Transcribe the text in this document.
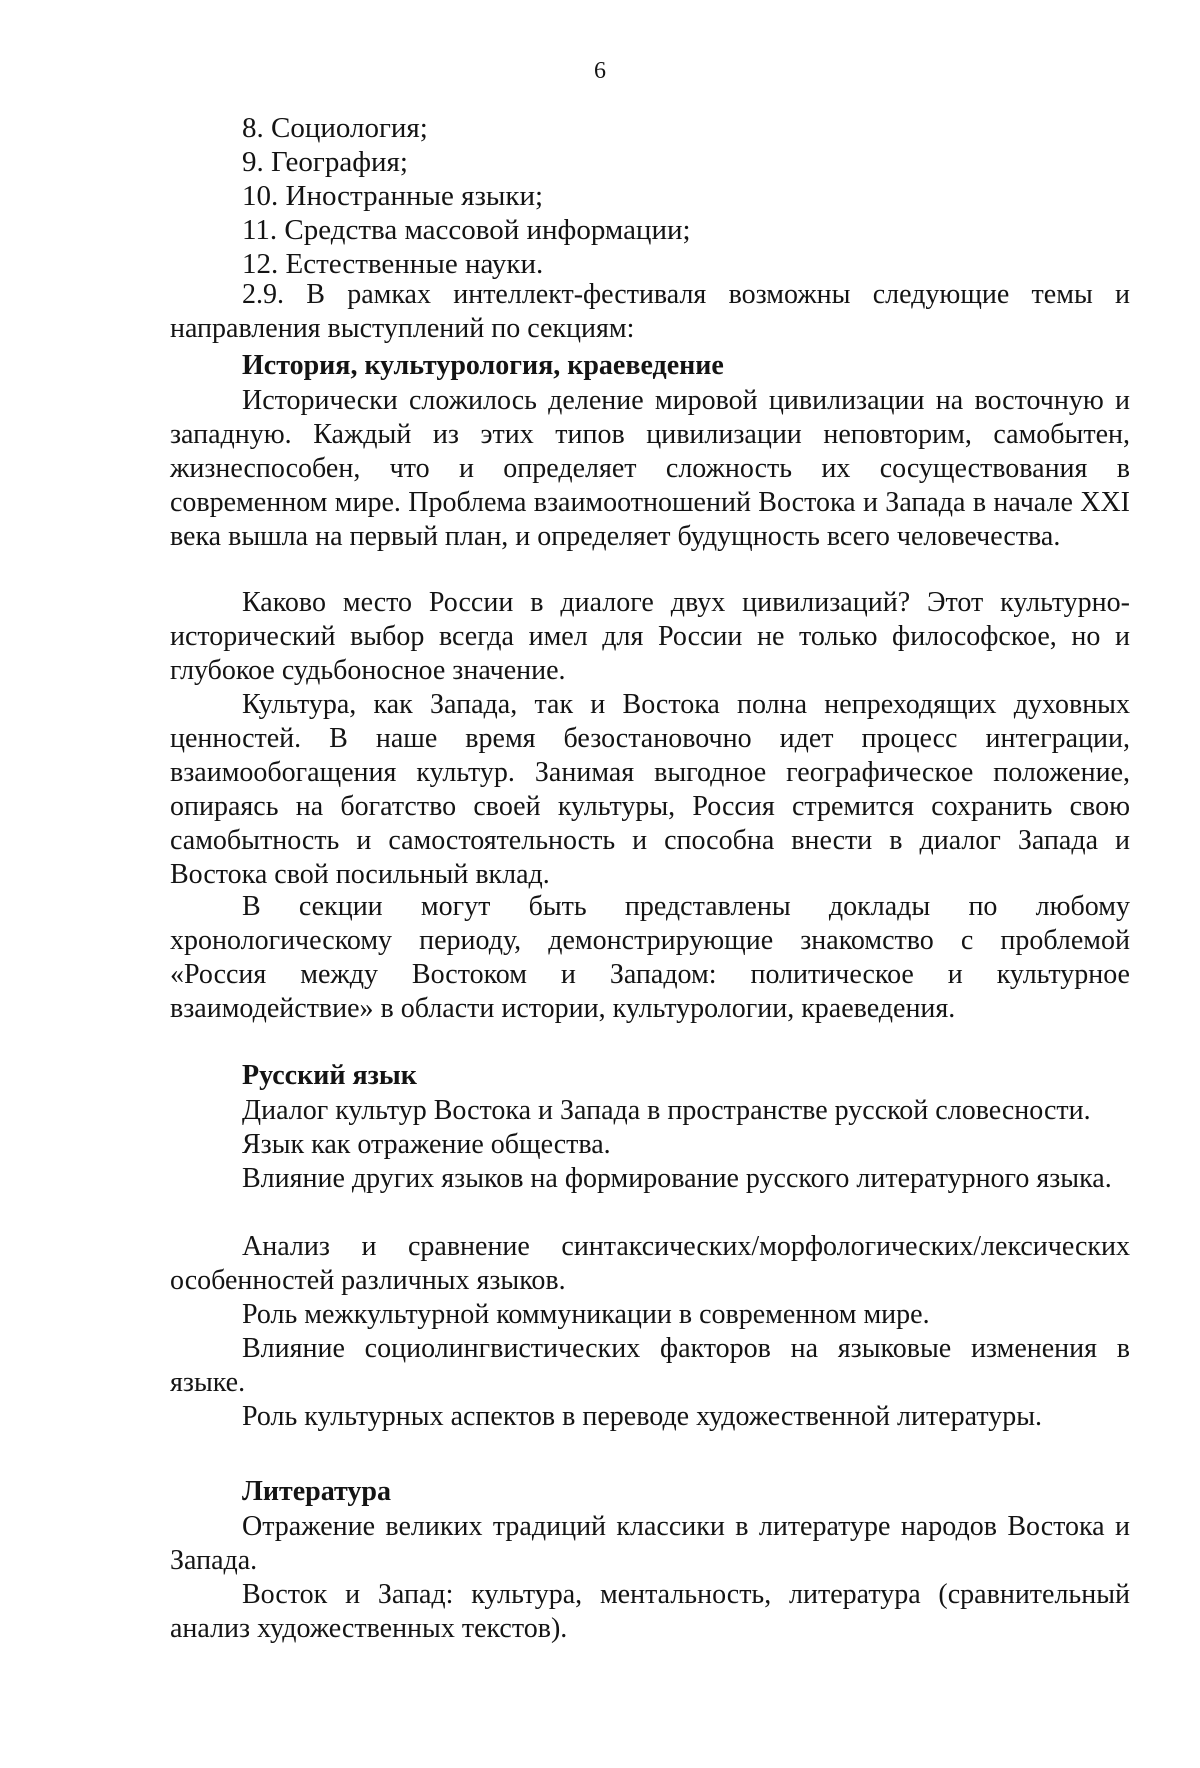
6
8. Социология;
9. География;
10. Иностранные языки;
11. Средства массовой информации;
12. Естественные науки.

2.9. В рамках интеллект-фестиваля возможны следующие темы и направления выступлений по секциям:

История, культурология, краеведение

Исторически сложилось деление мировой цивилизации на восточную и западную. Каждый из этих типов цивилизации неповторим, самобытен, жизнеспособен, что и определяет сложность их сосуществования в современном мире. Проблема взаимоотношений Востока и Запада в начале XXI века вышла на первый план, и определяет будущность всего человечества.

Каково место России в диалоге двух цивилизаций? Этот культурно-исторический выбор всегда имел для России не только философское, но и глубокое судьбоносное значение.

Культура, как Запада, так и Востока полна непреходящих духовных ценностей. В наше время безостановочно идет процесс интеграции, взаимообогащения культур. Занимая выгодное географическое положение, опираясь на богатство своей культуры, Россия стремится сохранить свою самобытность и самостоятельность и способна внести в диалог Запада и Востока свой посильный вклад.

В секции могут быть представлены доклады по любому хронологическому периоду, демонстрирующие знакомство с проблемой «Россия между Востоком и Западом: политическое и культурное взаимодействие» в области истории, культурологии, краеведения.

Русский язык

Диалог культур Востока и Запада в пространстве русской словесности.

Язык как отражение общества.

Влияние других языков на формирование русского литературного языка.

Анализ и сравнение синтаксических/морфологических/лексических особенностей различных языков.

Роль межкультурной коммуникации в современном мире.

Влияние социолингвистических факторов на языковые изменения в языке.

Роль культурных аспектов в переводе художественной литературы.

Литература

Отражение великих традиций классики в литературе народов Востока и Запада.

Восток и Запад: культура, ментальность, литература (сравнительный анализ художественных текстов).
